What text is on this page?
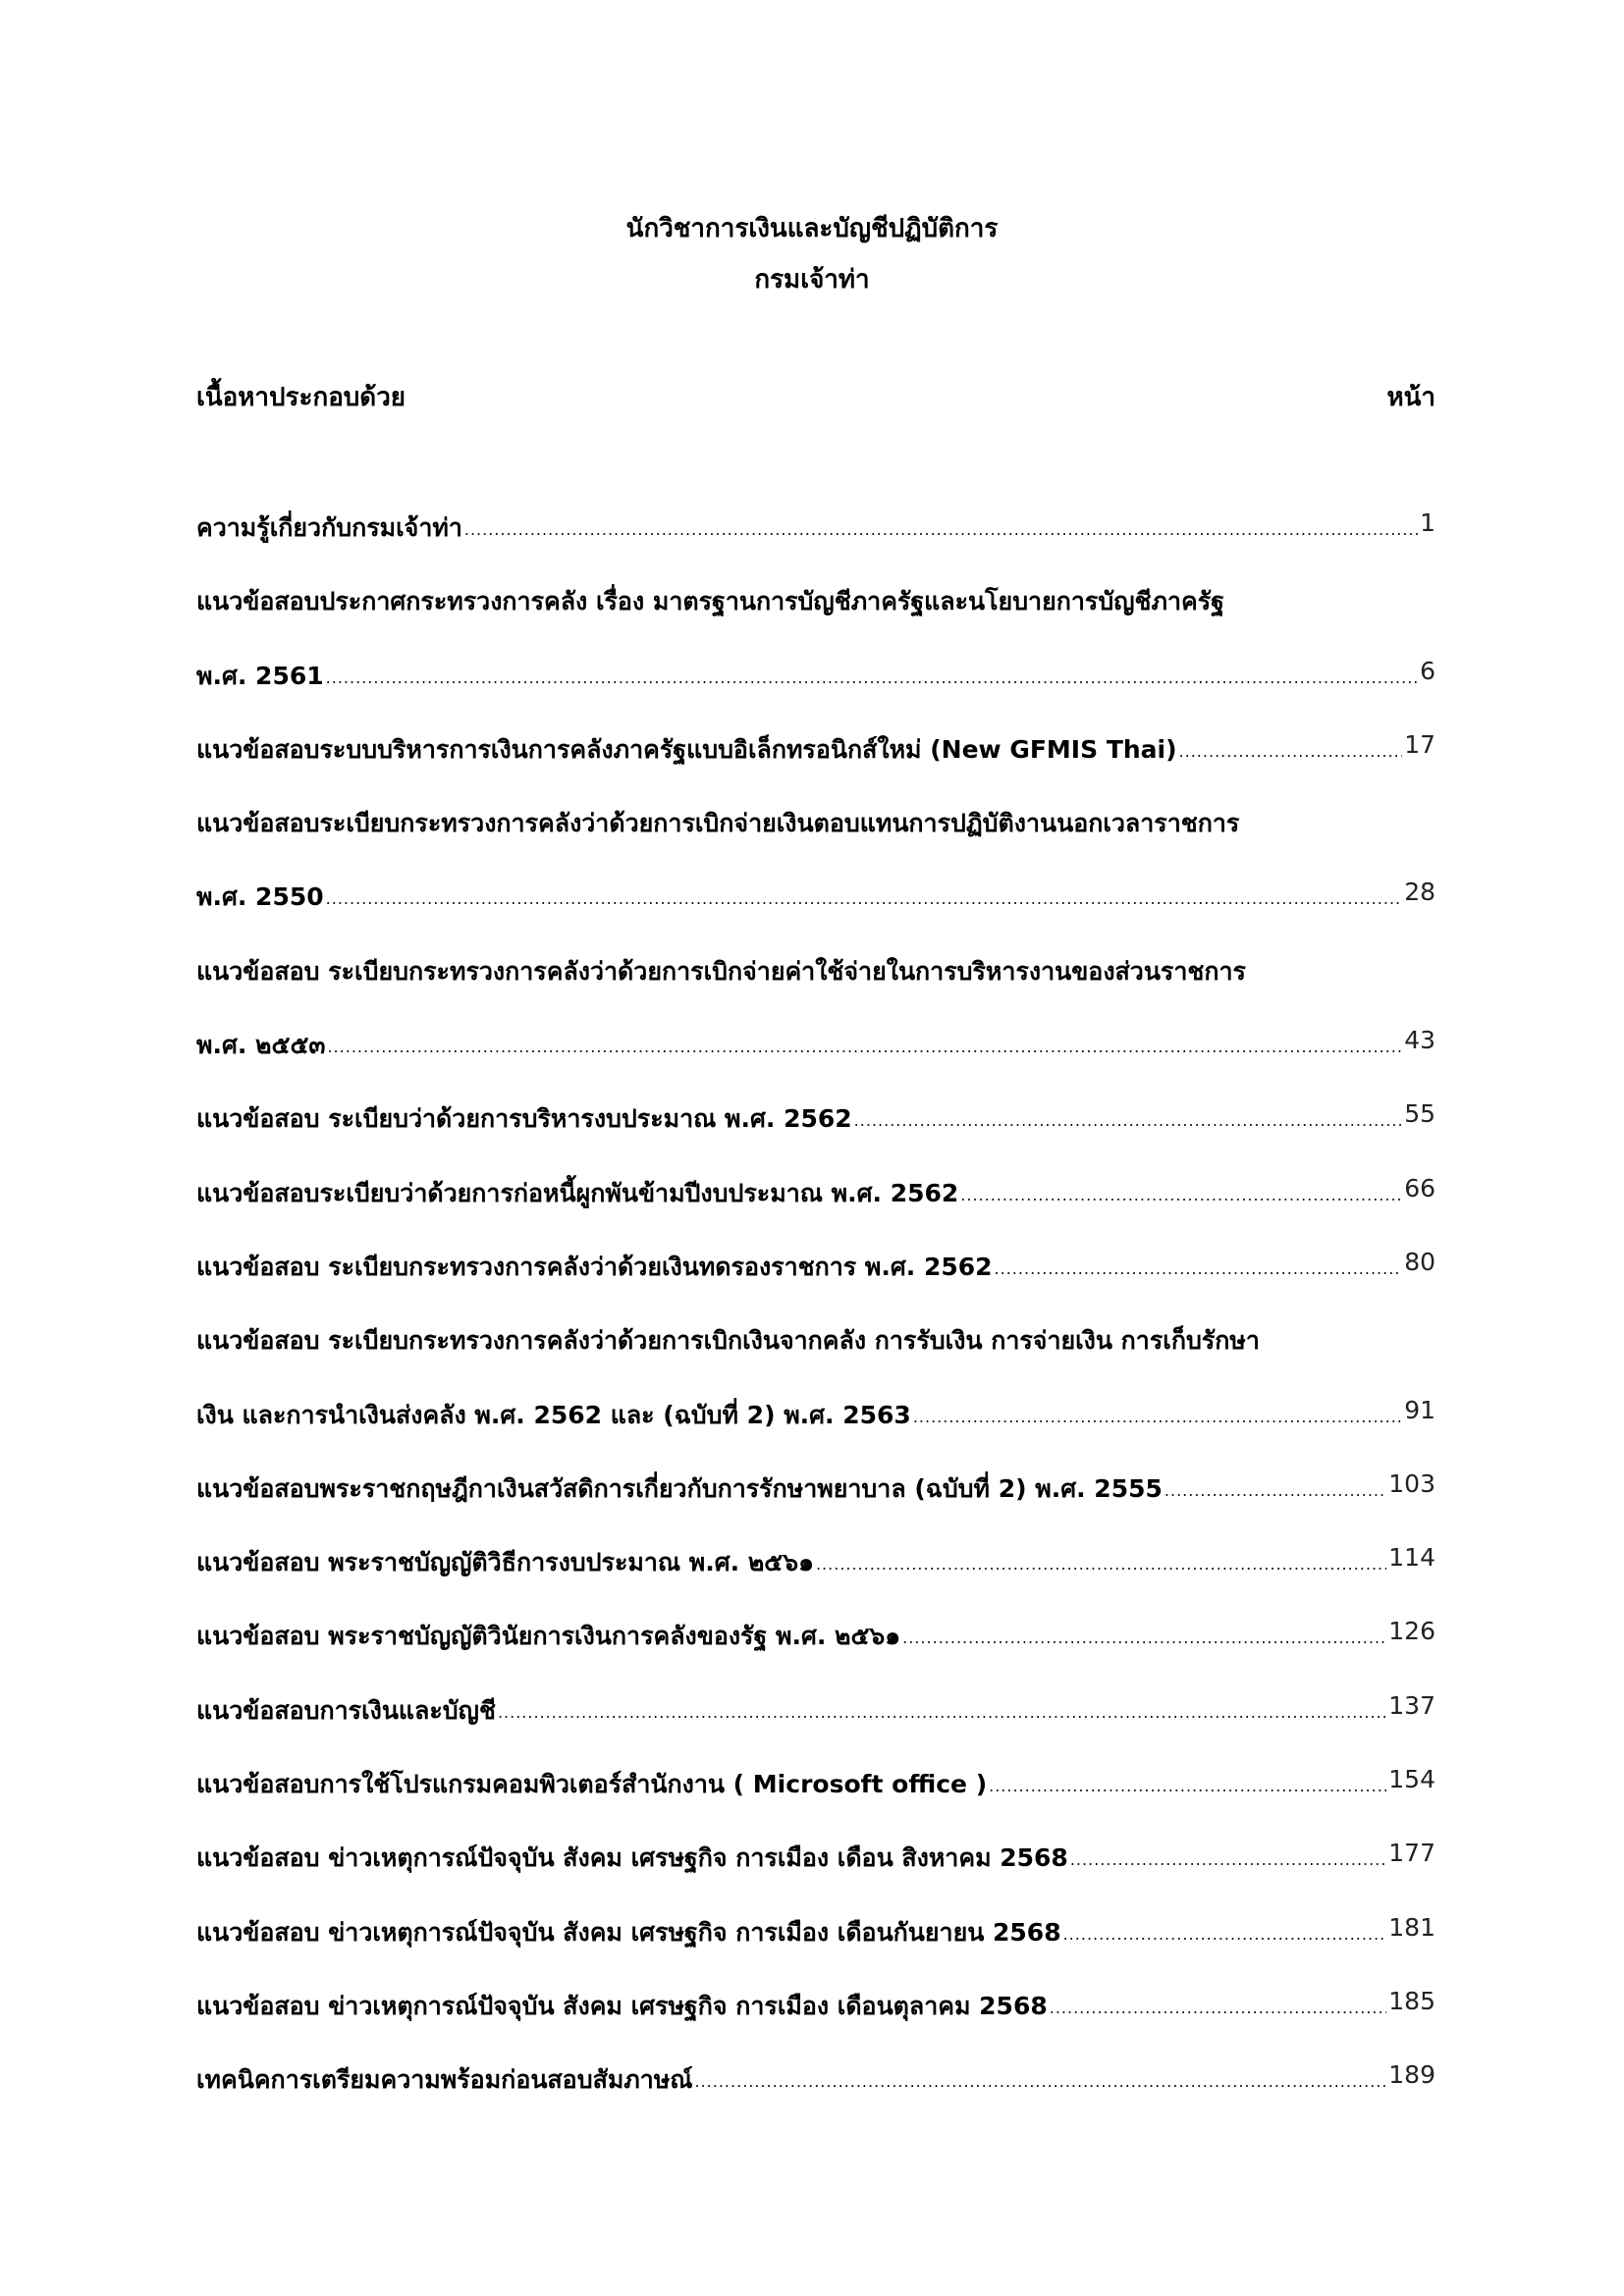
นักวิชาการเงินและบัญชีปฏิบัติการ
กรมเจ้าท่า
เนื้อหาประกอบด้วย	หน้า
ความรู้เกี่ยวกับกรมเจ้าท่า .....	1
แนวข้อสอบประกาศกระทรวงการคลัง เรื่อง มาตรฐานการบัญชีภาครัฐและนโยบายการบัญชีภาครัฐ
พ.ศ. 2561 .....	6
แนวข้อสอบระบบบริหารการเงินการคลังภาครัฐแบบอิเล็กทรอนิกส์ใหม่ (New GFMIS Thai) .....	17
แนวข้อสอบระเบียบกระทรวงการคลังว่าด้วยการเบิกจ่ายเงินตอบแทนการปฏิบัติงานนอกเวลาราชการ
พ.ศ. 2550 .....	28
แนวข้อสอบ ระเบียบกระทรวงการคลังว่าด้วยการเบิกจ่ายค่าใช้จ่ายในการบริหารงานของส่วนราชการ
พ.ศ. ๒๕๕๓ .....	43
แนวข้อสอบ ระเบียบว่าด้วยการบริหารงบประมาณ พ.ศ. 2562 .....	55
แนวข้อสอบระเบียบว่าด้วยการก่อหนี้ผูกพันข้ามปีงบประมาณ พ.ศ. 2562 .....	66
แนวข้อสอบ ระเบียบกระทรวงการคลังว่าด้วยเงินทดรองราชการ พ.ศ. 2562 .....	80
แนวข้อสอบ ระเบียบกระทรวงการคลังว่าด้วยการเบิกเงินจากคลัง การรับเงิน การจ่ายเงิน การเก็บรักษา
เงิน และการนำเงินส่งคลัง พ.ศ. 2562 และ (ฉบับที่ 2) พ.ศ. 2563 .....	91
แนวข้อสอบพระราชกฤษฎีกาเงินสวัสดิการเกี่ยวกับการรักษาพยาบาล (ฉบับที่ 2) พ.ศ. 2555 .....	103
แนวข้อสอบ พระราชบัญญัติวิธีการงบประมาณ พ.ศ. ๒๕๖๑ .....	114
แนวข้อสอบ พระราชบัญญัติวินัยการเงินการคลังของรัฐ พ.ศ. ๒๕๖๑ .....	126
แนวข้อสอบการเงินและบัญชี .....	137
แนวข้อสอบการใช้โปรแกรมคอมพิวเตอร์สำนักงาน ( Microsoft office ) .....	154
แนวข้อสอบ ข่าวเหตุการณ์ปัจจุบัน สังคม เศรษฐกิจ การเมือง เดือน สิงหาคม 2568 .....	177
แนวข้อสอบ ข่าวเหตุการณ์ปัจจุบัน สังคม เศรษฐกิจ การเมือง เดือนกันยายน 2568 .....	181
แนวข้อสอบ ข่าวเหตุการณ์ปัจจุบัน สังคม เศรษฐกิจ การเมือง เดือนตุลาคม 2568 .....	185
เทคนิคการเตรียมความพร้อมก่อนสอบสัมภาษณ์ .....	189
